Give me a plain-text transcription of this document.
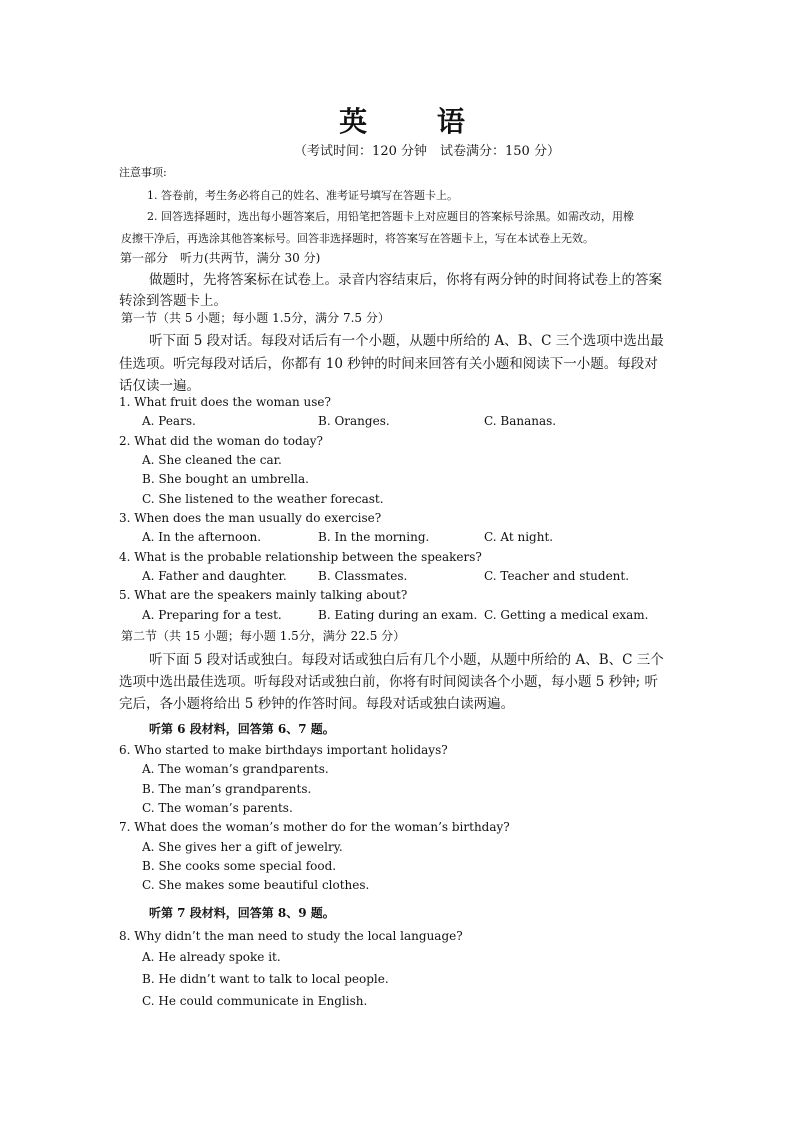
英 语
（考试时间：120 分钟　试卷满分：150 分）
注意事项:
1. 答卷前，考生务必将自己的姓名、准考证号填写在答题卡上。
2. 回答选择题时，选出每小题答案后，用铅笔把答题卡上对应题目的答案标号涂黑。如需改动，用橡
皮擦干净后，再选涂其他答案标号。回答非选择题时，将答案写在答题卡上，写在本试卷上无效。
第一部分　听力(共两节，满分 30 分)
做题时，先将答案标在试卷上。录音内容结束后，你将有两分钟的时间将试卷上的答案
转涂到答题卡上。
第一节（共 5 小题；每小题 1.5分，满分 7.5 分）
听下面 5 段对话。每段对话后有一个小题，从题中所给的 A、B、C 三个选项中选出最
佳选项。听完每段对话后，你都有 10 秒钟的时间来回答有关小题和阅读下一小题。每段对
话仅读一遍。
1. What fruit does the woman use?
A. Pears.	B. Oranges.	C. Bananas.
2. What did the woman do today?
A. She cleaned the car.
B. She bought an umbrella.
C. She listened to the weather forecast.
3. When does the man usually do exercise?
A. In the afternoon.	B. In the morning.	C. At night.
4. What is the probable relationship between the speakers?
A. Father and daughter.	B. Classmates.	C. Teacher and student.
5. What are the speakers mainly talking about?
A. Preparing for a test.	B. Eating during an exam. C. Getting a medical exam.
第二节（共 15 小题；每小题 1.5分，满分 22.5 分）
听下面 5 段对话或独白。每段对话或独白后有几个小题，从题中所给的 A、B、C 三个
选项中选出最佳选项。听每段对话或独白前，你将有时间阅读各个小题，每小题 5 秒钟; 听
完后，各小题将给出 5 秒钟的作答时间。每段对话或独白读两遍。
听第 6 段材料，回答第 6、7 题。
6. Who started to make birthdays important holidays?
A. The woman’s grandparents.
B. The man’s grandparents.
C. The woman’s parents.
7. What does the woman’s mother do for the woman’s birthday?
A. She gives her a gift of jewelry.
B. She cooks some special food.
C. She makes some beautiful clothes.
听第 7 段材料，回答第 8、9 题。
8. Why didn’t the man need to study the local language?
A. He already spoke it.
B. He didn’t want to talk to local people.
C. He could communicate in English.
